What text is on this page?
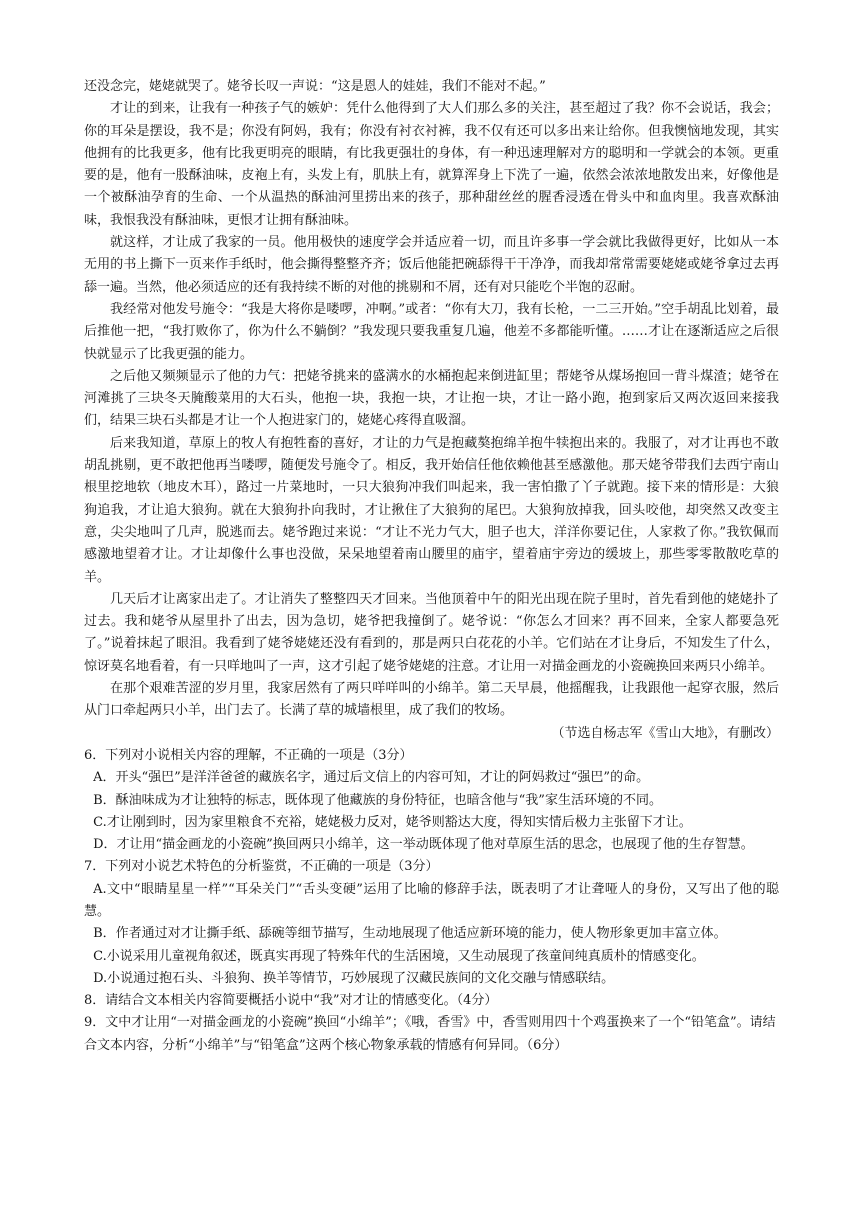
还没念完，姥姥就哭了。姥爷长叹一声说：“这是恩人的娃娃，我们不能对不起。”

才让的到来，让我有一种孩子气的嫉妒：凭什么他得到了大人们那么多的关注，甚至超过了我？你不会说话，我会；你的耳朵是摆设，我不是；你没有阿妈，我有；你没有衬衣衬裤，我不仅有还可以多出来让给你。但我懊恼地发现，其实他拥有的比我更多，他有比我更明亮的眼睛，有比我更强壮的身体，有一种迅速理解对方的聪明和一学就会的本领。更重要的是，他有一股酥油味，皮袍上有，头发上有，肌肤上有，就算浑身上下洗了一遍，依然会浓浓地散发出来，好像他是一个被酥油孕育的生命、一个从温热的酥油河里捞出来的孩子，那种甜丝丝的腥香浸透在骨头中和血肉里。我喜欢酥油味，我恨我没有酥油味，更恨才让拥有酥油味。

就这样，才让成了我家的一员。他用极快的速度学会并适应着一切，而且许多事一学会就比我做得更好，比如从一本无用的书上撕下一页来作手纸时，他会撕得整整齐齐；饭后他能把碗舔得干干净净，而我却常常需要姥姥或姥爷拿过去再舔一遍。当然，他必须适应的还有我持续不断的对他的挑剔和不屑，还有对只能吃个半饱的忍耐。

我经常对他发号施令：“我是大将你是喽啰，冲啊。”或者：“你有大刀，我有长枪，一二三开始。”空手胡乱比划着，最后推他一把，“我打败你了，你为什么不躺倒？”我发现只要我重复几遍，他差不多都能听懂。……才让在逐渐适应之后很快就显示了比我更强的能力。

之后他又频频显示了他的力气：把姥爷挑来的盛满水的水桶抱起来倒进缸里；帮姥爷从煤场抱回一背斗煤渣；姥爷在河滩挑了三块冬天腌酸菜用的大石头，他抱一块，我抱一块，才让抱一块，才让一路小跑，抱到家后又两次返回来接我们，结果三块石头都是才让一个人抱进家门的，姥姥心疼得直吸溜。

后来我知道，草原上的牧人有抱牲畜的喜好，才让的力气是抱藏獒抱绵羊抱牛犊抱出来的。我服了，对才让再也不敢胡乱挑剔，更不敢把他再当喽啰，随便发号施令了。相反，我开始信任他依赖他甚至感激他。那天姥爷带我们去西宁南山根里挖地软（地皮木耳），路过一片菜地时，一只大狼狗冲我们叫起来，我一害怕撒了丫子就跑。接下来的情形是：大狼狗追我，才让追大狼狗。就在大狼狗扑向我时，才让揪住了大狼狗的尾巴。大狼狗放掉我，回头咬他，却突然又改变主意，尖尖地叫了几声，脱逃而去。姥爷跑过来说：“才让不光力气大，胆子也大，洋洋你要记住，人家救了你。”我钦佩而感激地望着才让。才让却像什么事也没做，呆呆地望着南山腰里的庙宇，望着庙宇旁边的缓坡上，那些零零散散吃草的羊。

几天后才让离家出走了。才让消失了整整四天才回来。当他顶着中午的阳光出现在院子里时，首先看到他的姥姥扑了过去。我和姥爷从屋里扑了出去，因为急切，姥爷把我撞倒了。姥爷说：“你怎么才回来？再不回来，全家人都要急死了。”说着抹起了眼泪。我看到了姥爷姥姥还没有看到的，那是两只白花花的小羊。它们站在才让身后，不知发生了什么，惊讶莫名地看着，有一只咩地叫了一声，这才引起了姥爷姥姥的注意。才让用一对描金画龙的小瓷碗换回来两只小绵羊。

在那个艰难苦涩的岁月里，我家居然有了两只咩咩叫的小绵羊。第二天早晨，他摇醒我，让我跟他一起穿衣服，然后从门口牵起两只小羊，出门去了。长满了草的城墙根里，成了我们的牧场。

（节选自杨志军《雪山大地》，有删改）

6．下列对小说相关内容的理解，不正确的一项是（3分）

A．开头“强巴”是洋洋爸爸的藏族名字，通过后文信上的内容可知，才让的阿妈救过“强巴”的命。

B．酥油味成为才让独特的标志，既体现了他藏族的身份特征，也暗含他与“我”家生活环境的不同。

C.才让刚到时，因为家里粮食不充裕，姥姥极力反对，姥爷则豁达大度，得知实情后极力主张留下才让。

D．才让用“描金画龙的小瓷碗”换回两只小绵羊，这一举动既体现了他对草原生活的思念，也展现了他的生存智慧。

7．下列对小说艺术特色的分析鉴赏，不正确的一项是（3分）

A.文中“眼睛星星一样”“耳朵关门”“舌头变硬”运用了比喻的修辞手法，既表明了才让聋哑人的身份，又写出了他的聪慧。

B．作者通过对才让撕手纸、舔碗等细节描写，生动地展现了他适应新环境的能力，使人物形象更加丰富立体。

C.小说采用儿童视角叙述，既真实再现了特殊年代的生活困境，又生动展现了孩童间纯真质朴的情感变化。

D.小说通过抱石头、斗狼狗、换羊等情节，巧妙展现了汉藏民族间的文化交融与情感联结。

8．请结合文本相关内容简要概括小说中“我”对才让的情感变化。（4分）

9．文中才让用“一对描金画龙的小瓷碗”换回“小绵羊”；《哦，香雪》中，香雪则用四十个鸡蛋换来了一个“铅笔盒”。请结合文本内容，分析“小绵羊”与“铅笔盒”这两个核心物象承载的情感有何异同。（6分）
